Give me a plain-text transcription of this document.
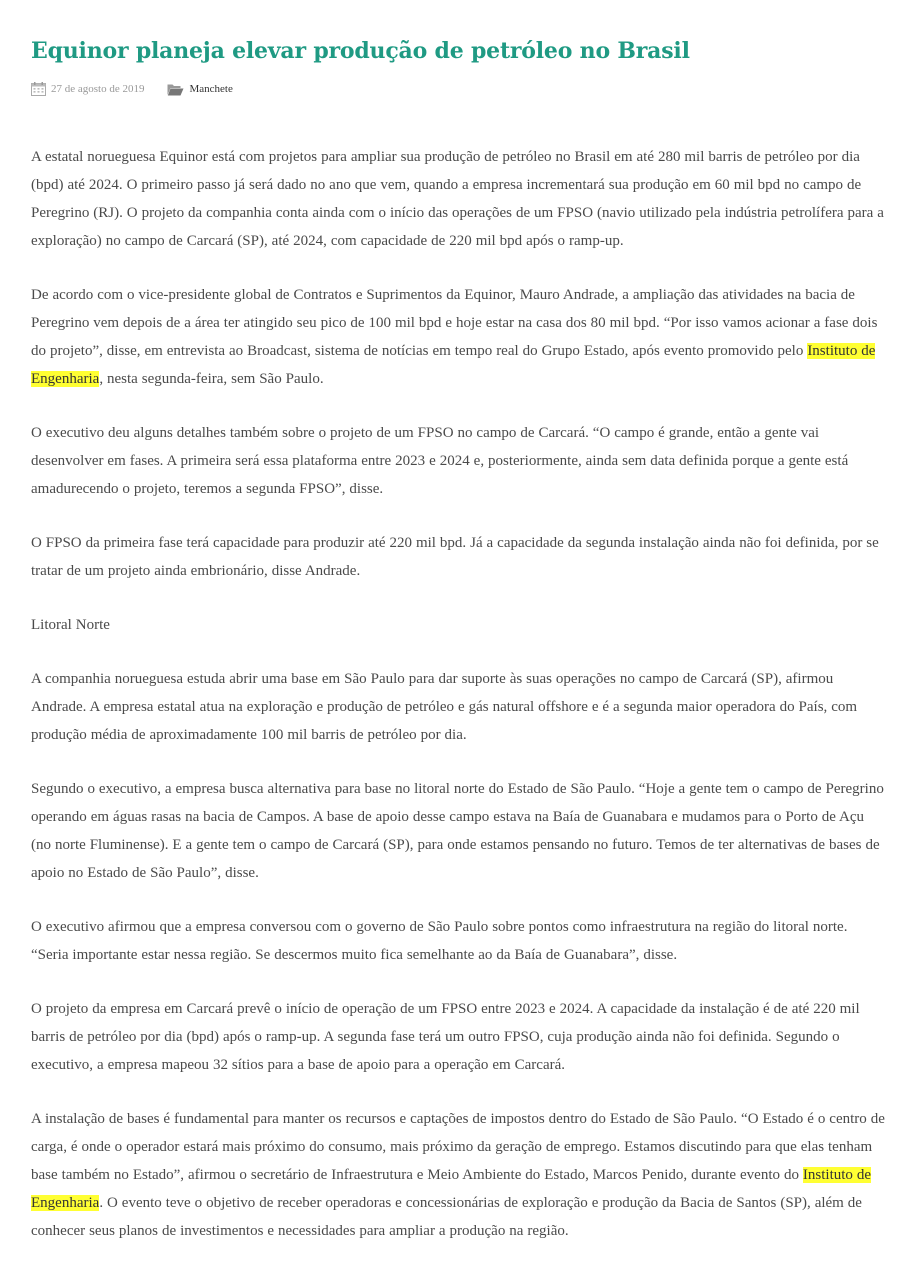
Equinor planeja elevar produção de petróleo no Brasil
27 de agosto de 2019	Manchete

A estatal norueguesa Equinor está com projetos para ampliar sua produção de petróleo no Brasil em até 280 mil barris de petróleo por dia (bpd) até 2024. O primeiro passo já será dado no ano que vem, quando a empresa incrementará sua produção em 60 mil bpd no campo de Peregrino (RJ). O projeto da companhia conta ainda com o início das operações de um FPSO (navio utilizado pela indústria petrolífera para a exploração) no campo de Carcará (SP), até 2024, com capacidade de 220 mil bpd após o ramp-up.

De acordo com o vice-presidente global de Contratos e Suprimentos da Equinor, Mauro Andrade, a ampliação das atividades na bacia de Peregrino vem depois de a área ter atingido seu pico de 100 mil bpd e hoje estar na casa dos 80 mil bpd. “Por isso vamos acionar a fase dois do projeto”, disse, em entrevista ao Broadcast, sistema de notícias em tempo real do Grupo Estado, após evento promovido pelo Instituto de Engenharia, nesta segunda-feira, sem São Paulo.

O executivo deu alguns detalhes também sobre o projeto de um FPSO no campo de Carcará. “O campo é grande, então a gente vai desenvolver em fases. A primeira será essa plataforma entre 2023 e 2024 e, posteriormente, ainda sem data definida porque a gente está amadurecendo o projeto, teremos a segunda FPSO”, disse.

O FPSO da primeira fase terá capacidade para produzir até 220 mil bpd. Já a capacidade da segunda instalação ainda não foi definida, por se tratar de um projeto ainda embrionário, disse Andrade.

Litoral Norte

A companhia norueguesa estuda abrir uma base em São Paulo para dar suporte às suas operações no campo de Carcará (SP), afirmou Andrade. A empresa estatal atua na exploração e produção de petróleo e gás natural offshore e é a segunda maior operadora do País, com produção média de aproximadamente 100 mil barris de petróleo por dia.

Segundo o executivo, a empresa busca alternativa para base no litoral norte do Estado de São Paulo. “Hoje a gente tem o campo de Peregrino operando em águas rasas na bacia de Campos. A base de apoio desse campo estava na Baía de Guanabara e mudamos para o Porto de Açu (no norte Fluminense). E a gente tem o campo de Carcará (SP), para onde estamos pensando no futuro. Temos de ter alternativas de bases de apoio no Estado de São Paulo”, disse.

O executivo afirmou que a empresa conversou com o governo de São Paulo sobre pontos como infraestrutura na região do litoral norte. “Seria importante estar nessa região. Se descermos muito fica semelhante ao da Baía de Guanabara”, disse.

O projeto da empresa em Carcará prevê o início de operação de um FPSO entre 2023 e 2024. A capacidade da instalação é de até 220 mil barris de petróleo por dia (bpd) após o ramp-up. A segunda fase terá um outro FPSO, cuja produção ainda não foi definida. Segundo o executivo, a empresa mapeou 32 sítios para a base de apoio para a operação em Carcará.

A instalação de bases é fundamental para manter os recursos e captações de impostos dentro do Estado de São Paulo. “O Estado é o centro de carga, é onde o operador estará mais próximo do consumo, mais próximo da geração de emprego. Estamos discutindo para que elas tenham base também no Estado”, afirmou o secretário de Infraestrutura e Meio Ambiente do Estado, Marcos Penido, durante evento do Instituto de Engenharia. O evento teve o objetivo de receber operadoras e concessionárias de exploração e produção da Bacia de Santos (SP), além de conhecer seus planos de investimentos e necessidades para ampliar a produção na região.
